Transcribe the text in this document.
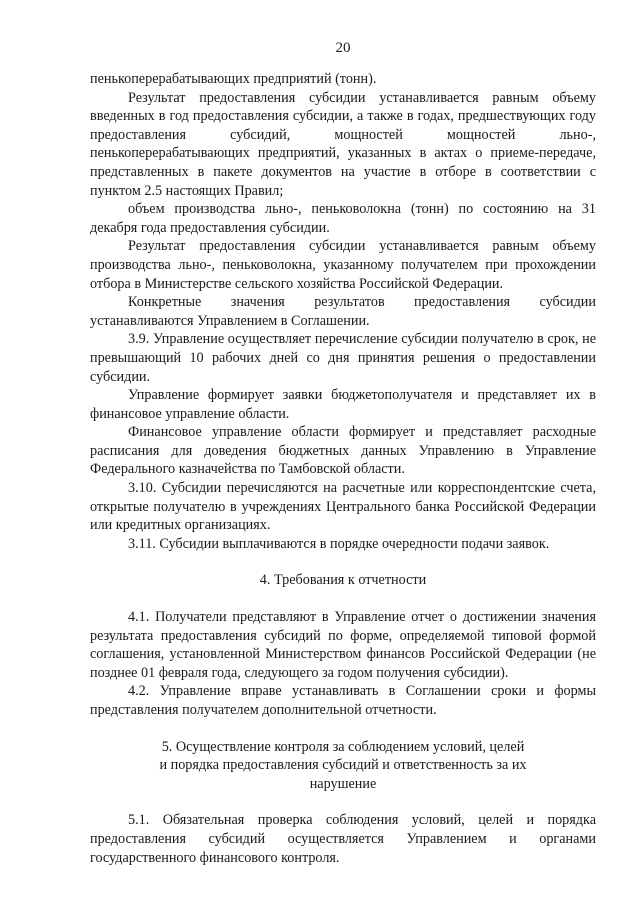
20

пенькоперерабатывающих предприятий (тонн).

Результат предоставления субсидии устанавливается равным объему введенных в год предоставления субсидии, а также в годах, предшествующих году предоставления субсидий, мощностей мощностей льно-, пенькоперерабатывающих предприятий, указанных в актах о приеме-передаче, представленных в пакете документов на участие в отборе в соответствии с пунктом 2.5 настоящих Правил;

объем производства льно-, пеньковолокна (тонн) по состоянию на 31 декабря года предоставления субсидии.

Результат предоставления субсидии устанавливается равным объему производства льно-, пеньковолокна, указанному получателем при прохождении отбора в Министерстве сельского хозяйства Российской Федерации.

Конкретные значения результатов предоставления субсидии устанавливаются Управлением в Соглашении.

3.9. Управление осуществляет перечисление субсидии получателю в срок, не превышающий 10 рабочих дней со дня принятия решения о предоставлении субсидии.

Управление формирует заявки бюджетополучателя и представляет их в финансовое управление области.

Финансовое управление области формирует и представляет расходные расписания для доведения бюджетных данных Управлению в Управление Федерального казначейства по Тамбовской области.

3.10. Субсидии перечисляются на расчетные или корреспондентские счета, открытые получателю в учреждениях Центрального банка Российской Федерации или кредитных организациях.

3.11. Субсидии выплачиваются в порядке очередности подачи заявок.

4. Требования к отчетности

4.1. Получатели представляют в Управление отчет о достижении значения результата предоставления субсидий по форме, определяемой типовой формой соглашения, установленной Министерством финансов Российской Федерации (не позднее 01 февраля года, следующего за годом получения субсидии).

4.2. Управление вправе устанавливать в Соглашении сроки и формы представления получателем дополнительной отчетности.

5. Осуществление контроля за соблюдением условий, целей

и порядка предоставления субсидий и ответственность за их

нарушение

5.1. Обязательная проверка соблюдения условий, целей и порядка предоставления субсидий осуществляется Управлением и органами государственного финансового контроля.
